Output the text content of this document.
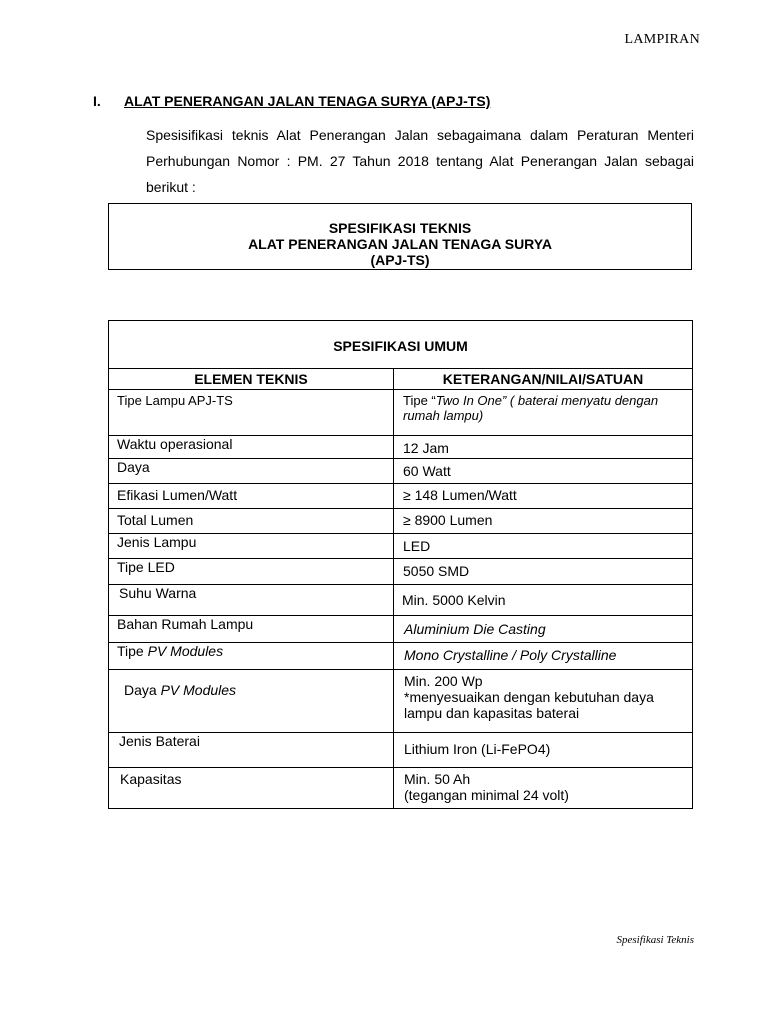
LAMPIRAN
I. ALAT PENERANGAN JALAN TENAGA SURYA (APJ-TS)
Spesisifikasi teknis Alat Penerangan Jalan sebagaimana dalam Peraturan Menteri Perhubungan Nomor : PM. 27 Tahun 2018 tentang Alat Penerangan Jalan sebagai berikut :
SPESIFIKASI TEKNIS
ALAT PENERANGAN JALAN TENAGA SURYA
(APJ-TS)
SPESIFIKASI UMUM	
ELEMEN TEKNIS	KETERANGAN/NILAI/SATUAN

Tipe Lampu APJ-TS	Tipe “Two In One” ( baterai menyatu dengan rumah lampu)

Waktu operasional	12 Jam

Daya	60 Watt

Efikasi Lumen/Watt	≥ 148 Lumen/Watt

Total Lumen	≥ 8900 Lumen

Jenis Lampu	LED

Tipe LED	5050 SMD

Suhu Warna	Min. 5000 Kelvin

Bahan Rumah Lampu	Aluminium Die Casting

Tipe PV Modules	Mono Crystalline / Poly Crystalline

Daya PV Modules	Min. 200 Wp
*menyesuaikan dengan kebutuhan daya lampu dan kapasitas baterai

Jenis Baterai	Lithium Iron (Li-FePO4)

Kapasitas	Min. 50 Ah
(tegangan minimal 24 volt)
Spesifikasi Teknis
